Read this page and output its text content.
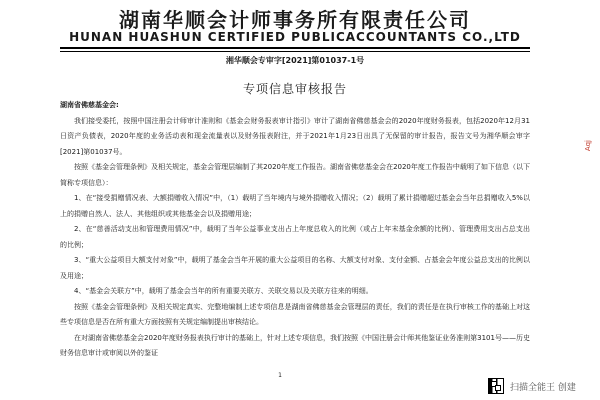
湖南华顺会计师事务所有限责任公司
HUNAN HUASHUN CERTIFIED PUBLICACCOUNTANTS CO.,LTD
湘华顺会专审字[2021]第01037-1号
专项信息审核报告

湖南省佛慈基金会:

我们接受委托，按照中国注册会计师审计准则和《基金会财务报表审计指引》审计了湖南省佛慈基金会的2020年度财务报表，包括2020年12月31日资产负债表，2020年度的业务活动表和现金流量表以及财务报表附注，并于2021年1月23日出具了无保留的审计报告，报告文号为湘华顺会审字[2021]第01037号。

按照《基金会管理条例》及相关规定，基金会管理层编制了其2020年度工作报告。湖南省佛慈基金会在2020年度工作报告中载明了如下信息（以下简称专项信息）：

1、在“接受捐赠情况表、大额捐赠收入情况”中，（1）载明了当年境内与境外捐赠收入情况；（2）载明了累计捐赠超过基金会当年总捐赠收入5%以上的捐赠自然人、法人、其他组织或其他基金会以及捐赠用途；

2、在“慈善活动支出和管理费用情况”中，载明了当年公益事业支出占上年度总收入的比例（或占上年末基金余额的比例）、管理费用支出占总支出的比例；

3、“重大公益项目大额支付对象”中，载明了基金会当年开展的重大公益项目的名称、大额支付对象、支付金额、占基金会年度公益总支出的比例以及用途；

4、“基金会关联方”中，载明了基金会当年的所有重要关联方、关联交易以及关联方往来的明细。

按照《基金会管理条例》及相关规定真实、完整地编制上述专项信息是湖南省佛慈基金会管理层的责任，我们的责任是在执行审核工作的基础上对这些专项信息是否在所有重大方面按照有关规定编制提出审核结论。

在对湖南省佛慈基金会2020年度财务报表执行审计的基础上，针对上述专项信息，我们按照《中国注册会计师其他鉴证业务准则第3101号——历史财务信息审计或审阅以外的鉴证

1
扫描全能王 创建
Aqj
